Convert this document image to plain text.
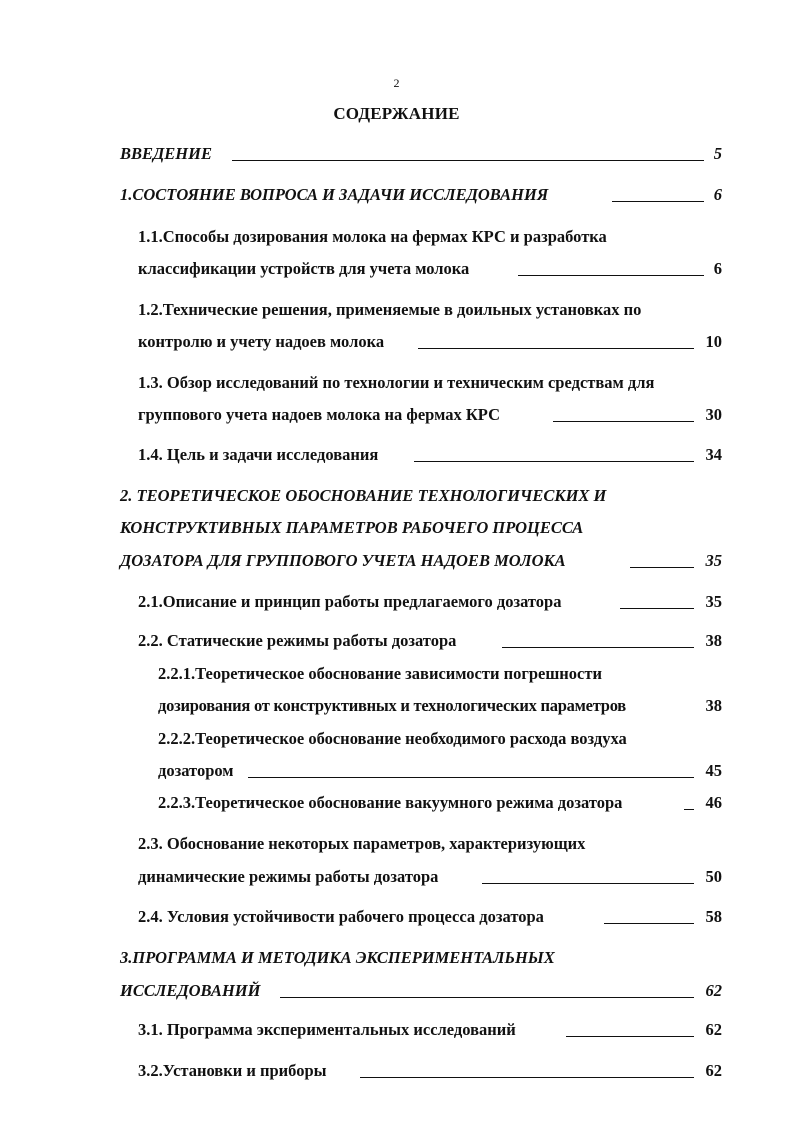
2
СОДЕРЖАНИЕ
ВВЕДЕНИЕ	5
1.СОСТОЯНИЕ ВОПРОСА И ЗАДАЧИ ИССЛЕДОВАНИЯ	6
1.1.Способы дозирования молока на фермах КРС и разработка
классификации устройств для учета молока	6
1.2.Технические решения, применяемые в доильных установках по
контролю и учету надоев молока	10
1.3. Обзор исследований по технологии и техническим средствам для
группового учета надоев молока на фермах КРС	30
1.4. Цель и задачи исследования	34
2. ТЕОРЕТИЧЕСКОЕ ОБОСНОВАНИЕ ТЕХНОЛОГИЧЕСКИХ И
КОНСТРУКТИВНЫХ ПАРАМЕТРОВ РАБОЧЕГО ПРОЦЕССА
ДОЗАТОРА ДЛЯ ГРУППОВОГО УЧЕТА НАДОЕВ МОЛОКА	35
2.1.Описание и принцип работы предлагаемого дозатора	35
2.2. Статические режимы работы дозатора	38
2.2.1.Теоретическое обоснование зависимости погрешности
дозирования от конструктивных и технологических параметров	38
2.2.2.Теоретическое обоснование необходимого расхода воздуха
дозатором	45
2.2.3.Теоретическое обоснование вакуумного режима дозатора	46
2.3. Обоснование некоторых параметров, характеризующих
динамические режимы работы дозатора	50
2.4. Условия устойчивости рабочего процесса дозатора	58
3.ПРОГРАММА И МЕТОДИКА ЭКСПЕРИМЕНТАЛЬНЫХ
ИССЛЕДОВАНИЙ	62
3.1. Программа экспериментальных исследований	62
3.2.Установки и приборы	62
